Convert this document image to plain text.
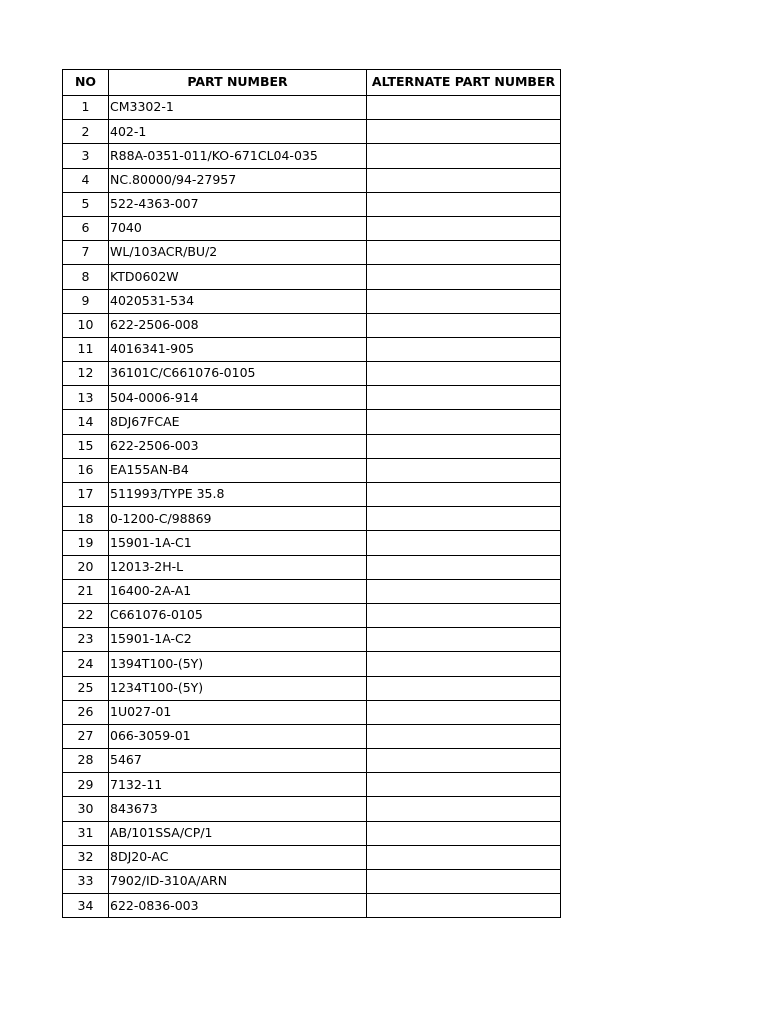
NO	PART NUMBER	ALTERNATE PART NUMBER
1	CM3302-1	
2	402-1	
3	R88A-0351-011/KO-671CL04-035	
4	NC.80000/94-27957	
5	522-4363-007	
6	7040	
7	WL/103ACR/BU/2	
8	KTD0602W	
9	4020531-534	
10	622-2506-008	
11	4016341-905	
12	36101C/C661076-0105	
13	504-0006-914	
14	8DJ67FCAE	
15	622-2506-003	
16	EA155AN-B4	
17	511993/TYPE 35.8	
18	0-1200-C/98869	
19	15901-1A-C1	
20	12013-2H-L	
21	16400-2A-A1	
22	C661076-0105	
23	15901-1A-C2	
24	1394T100-(5Y)	
25	1234T100-(5Y)	
26	1U027-01	
27	066-3059-01	
28	5467	
29	7132-11	
30	843673	
31	AB/101SSA/CP/1	
32	8DJ20-AC	
33	7902/ID-310A/ARN	
34	622-0836-003	
